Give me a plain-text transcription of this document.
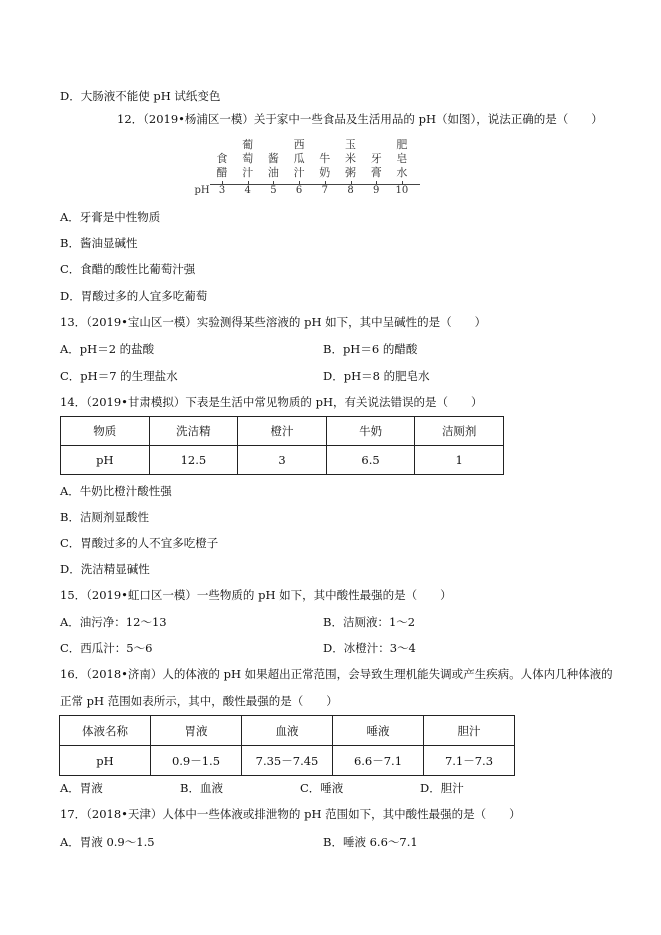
D．大肠液不能使 pH 试纸变色
12．（2019•杨浦区一模）关于家中一些食品及生活用品的 pH（如图），说法正确的是（　　）
pH 3	4	5	6	7	8	9	10
食醋
葡萄汁
酱油
西瓜汁
牛奶
玉米粥
牙膏
肥皂水
A．牙膏是中性物质
B．酱油显碱性
C．食醋的酸性比葡萄汁强
D．胃酸过多的人宜多吃葡萄
13．（2019•宝山区一模）实验测得某些溶液的 pH 如下，其中呈碱性的是（　　）
A．pH＝2 的盐酸	B．pH＝6 的醋酸
C．pH＝7 的生理盐水	D．pH＝8 的肥皂水
14．（2019•甘肃模拟）下表是生活中常见物质的 pH，有关说法错误的是（　　）
物质	洗洁精	橙汁	牛奶	洁厕剂
pH	12.5	3	6.5	1
A．牛奶比橙汁酸性强
B．洁厕剂显酸性
C．胃酸过多的人不宜多吃橙子
D．洗洁精显碱性
15．（2019•虹口区一模）一些物质的 pH 如下，其中酸性最强的是（　　）
A．油污净：12～13	B．洁厕液：1～2
C．西瓜汁：5～6	D．冰橙汁：3～4
16．（2018•济南）人的体液的 pH 如果超出正常范围，会导致生理机能失调或产生疾病。人体内几种体液的
正常 pH 范围如表所示，其中，酸性最强的是（　　）
体液名称	胃液	血液	唾液	胆汁
pH	0.9－1.5	7.35－7.45	6.6－7.1	7.1－7.3
A．胃液	B．血液	C．唾液	D．胆汁
17．（2018•天津）人体中一些体液或排泄物的 pH 范围如下，其中酸性最强的是（　　）
A．胃液 0.9～1.5	B．唾液 6.6～7.1
